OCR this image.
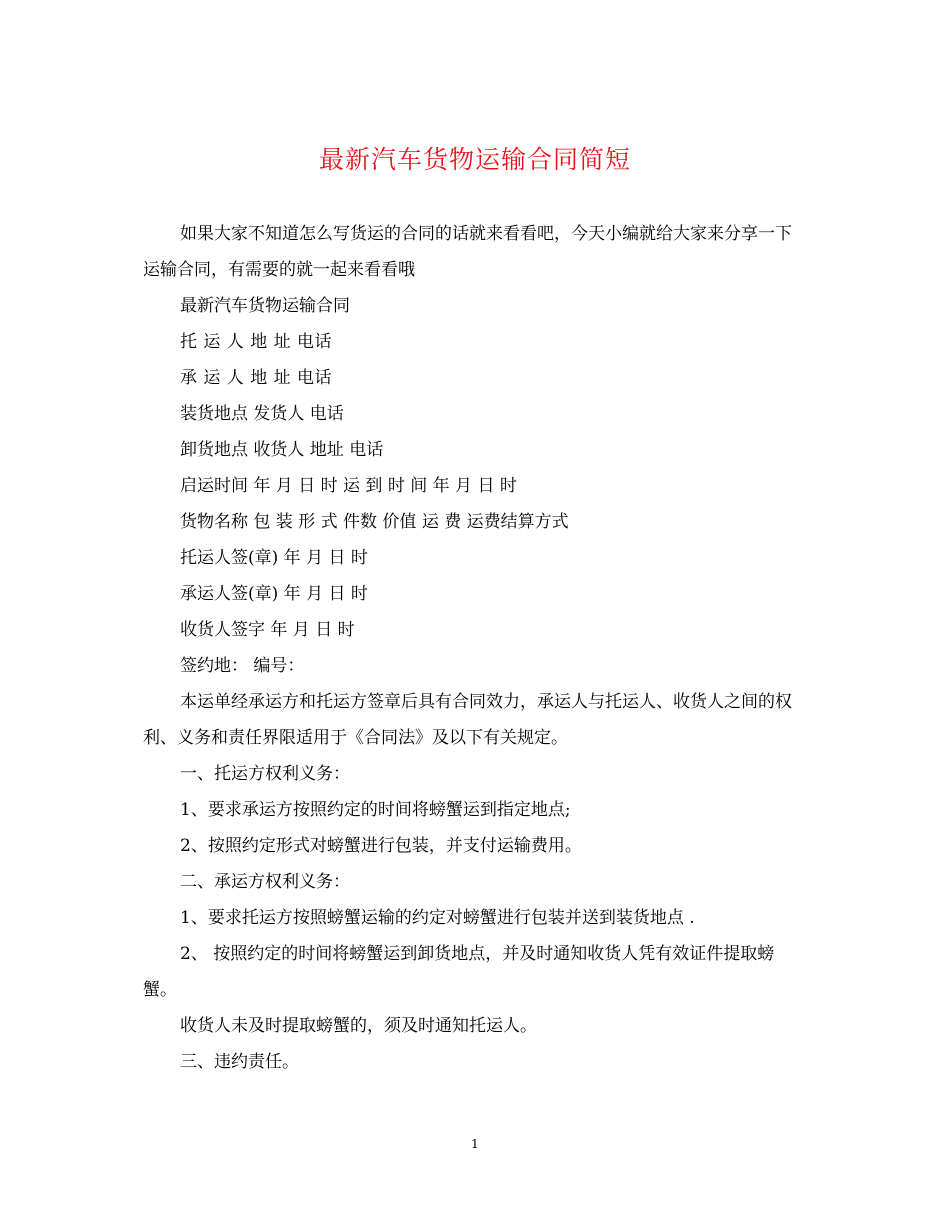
最新汽车货物运输合同简短

如果大家不知道怎么写货运的合同的话就来看看吧，今天小编就给大家来分享一下运输合同，有需要的就一起来看看哦

最新汽车货物运输合同

托 运 人 地 址 电话

承 运 人 地 址 电话

装货地点 发货人 电话

卸货地点 收货人 地址 电话

启运时间 年 月 日 时 运 到 时 间 年 月 日 时

货物名称 包 装 形 式 件数 价值 运 费 运费结算方式

托运人签(章) 年 月 日 时

承运人签(章) 年 月 日 时

收货人签字 年 月 日 时

签约地： 编号：

本运单经承运方和托运方签章后具有合同效力，承运人与托运人、收货人之间的权利、义务和责任界限适用于《合同法》及以下有关规定。

一、托运方权利义务：

1、要求承运方按照约定的时间将螃蟹运到指定地点;

2、按照约定形式对螃蟹进行包装，并支付运输费用。

二、承运方权利义务：

1、要求托运方按照螃蟹运输的约定对螃蟹进行包装并送到装货地点 .

2、 按照约定的时间将螃蟹运到卸货地点，并及时通知收货人凭有效证件提取螃蟹。

收货人未及时提取螃蟹的，须及时通知托运人。

三、违约责任。

1
